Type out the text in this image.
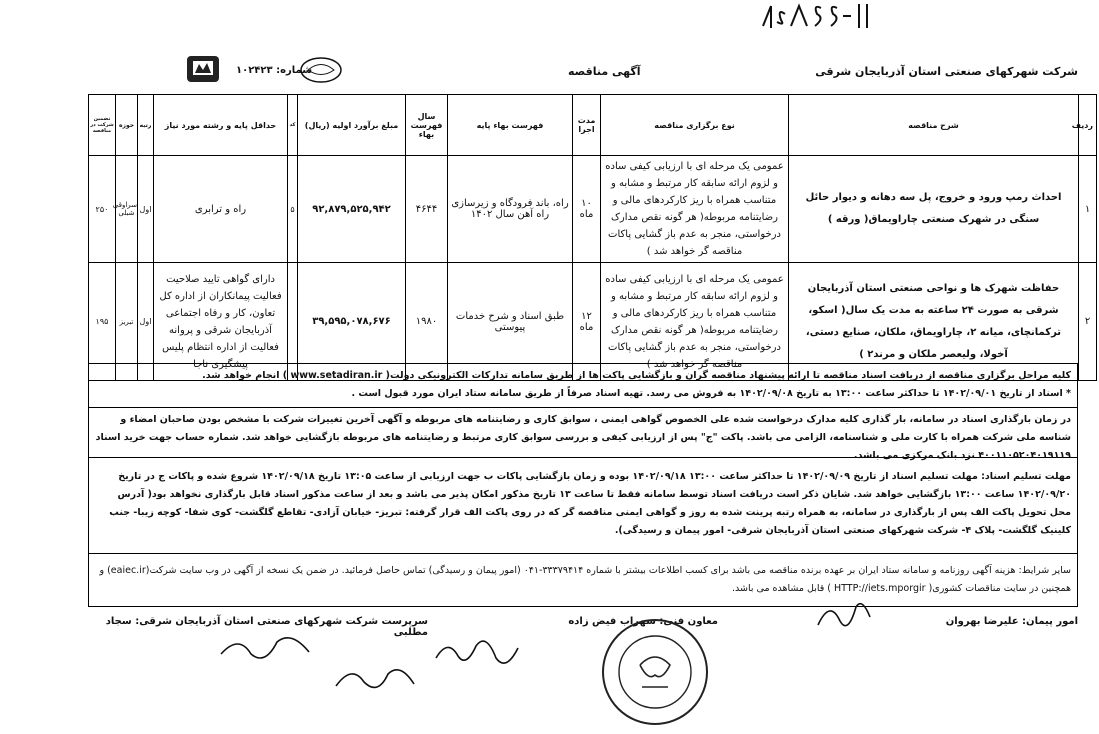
شرکت شهرکهای صنعتی استان آذربایجان شرقی
آگهی مناقصه
شماره: ۱۰۲۴۲۳
ردیف	شرح مناقصه	نوع برگزاری مناقصه	مدت اجرا	فهرست بهاء پایه	سال فهرست بهاء	مبلغ برآورد اولیه (ریال)	کد	حداقل پایه و رشته مورد نیاز	رتبه	حوزه	تضمین شرکت در مناقصه
۱	احداث رمپ ورود و خروج، پل سه دهانه و دیوار حائل سنگی در شهرک صنعتی چاراویماق( ورقه )	عمومی یک مرحله ای با ارزیابی کیفی ساده و لزوم ارائه سابقه کار مرتبط و مشابه و متناسب همراه با ریز کارکردهای مالی و رضایتنامه مربوطه( هر گونه نقص مدارک درخواستی، منجر به عدم باز گشایی پاکات مناقصه گر خواهد شد )	۱۰ ماه	راه، باند فرودگاه و زیرسازی راه آهن سال ۱۴۰۲	۴۶۴۴	۹۲,۸۷۹,۵۲۵,۹۴۲	۵	راه و ترابری	اول	سراوقی شبلی	۲۵۰
۲	حفاظت شهرک ها و نواحی صنعتی استان آذربایجان شرقی به صورت ۲۴ ساعته به مدت یک سال( اسکو، ترکمانچای، میانه ۲، چاراویماق، ملکان، صنایع دستی، آخولا، ولیعصر ملکان و مرند۲ )	عمومی یک مرحله ای با ارزیابی کیفی ساده و لزوم ارائه سابقه کار مرتبط و مشابه و متناسب همراه با ریز کارکردهای مالی و رضایتنامه مربوطه( هر گونه نقص مدارک درخواستی، منجر به عدم باز گشایی پاکات مناقصه گر خواهد شد )	۱۲ ماه	طبق اسناد و شرح خدمات پیوستی	۱۹۸۰	۳۹,۵۹۵,۰۷۸,۶۷۶		دارای گواهی تایید صلاحیت فعالیت پیمانکاران از اداره کل تعاون، کار و رفاه اجتماعی آذربایجان شرقی و پروانه فعالیت از اداره انتظام پلیس پیشگیری ناجا	اول	تبریز	۱۹۵
کلیه مراحل برگزاری مناقصه از دریافت اسناد مناقصه تا ارائه پیشنهاد مناقصه گران و بازگشایی پاکت ها از طریق سامانه تدارکات الکترونیکی دولت( www.setadiran.ir ) انجام خواهد شد.
* اسناد از تاریخ ۱۴۰۲/۰۹/۰۱ تا حداکثر ساعت ۱۳:۰۰ به تاریخ ۱۴۰۲/۰۹/۰۸ به فروش می رسد. تهیه اسناد صرفاً از طریق سامانه ستاد ایران مورد قبول است .
در زمان بارگذاری اسناد در سامانه، بار گذاری کلیه مدارک درخواست شده علی الخصوص گواهی ایمنی ، سوابق کاری و رضایتنامه های مربوطه و آگهی آخرین تغییرات شرکت با مشخص بودن صاحبان امضاء و شناسه ملی شرکت همراه با کارت ملی و شناسنامه، الزامی می باشد. پاکت "ج" پس از ارزیابی کیفی و بررسی سوابق کاری مرتبط و رضایتنامه های مربوطه بازگشایی خواهد شد. شماره حساب جهت خرید اسناد ۴۰۰۱۱۰۵۲۰۴۰۱۹۱۱۹ نزد بانک مرکزی می باشد.
مهلت تسلیم اسناد: مهلت تسلیم اسناد از تاریخ ۱۴۰۲/۰۹/۰۹ تا حداکثر ساعت ۱۳:۰۰ ۱۴۰۲/۰۹/۱۸ بوده و زمان بازگشایی پاکات ب جهت ارزیابی از ساعت ۱۳:۰۵ تاریخ ۱۴۰۲/۰۹/۱۸ شروع شده و پاکات ج در تاریخ ۱۴۰۲/۰۹/۲۰ ساعت ۱۳:۰۰ بازگشایی خواهد شد. شایان ذکر است دریافت اسناد توسط سامانه فقط تا ساعت ۱۳ تاریخ مذکور امکان پذیر می باشد و بعد از ساعت مذکور اسناد قابل بارگذاری نخواهد بود( آدرس محل تحویل پاکت الف پس از بارگذاری در سامانه، به همراه رتبه پرینت شده به روز و گواهی ایمنی مناقصه گر که در روی پاکت الف قرار گرفته: تبریز- خیابان آزادی- تقاطع گلگشت- کوی شفا- کوچه زیبا- جنب کلینیک گلگشت- پلاک ۴- شرکت شهرکهای صنعتی استان آذربایجان شرقی- امور پیمان و رسیدگی).
سایر شرایط: هزینه آگهی روزنامه و سامانه ستاد ایران بر عهده برنده مناقصه می باشد برای کسب اطلاعات بیشتر با شماره ۳۳۳۷۹۴۱۴-۰۴۱ (امور پیمان و رسیدگی) تماس حاصل فرمائید. در ضمن یک نسخه از آگهی در وب سایت شرکت(eaiec.ir) و همچنین در سایت مناقصات کشوری( HTTP://iets.mporgir ) قابل مشاهده می باشد.
امور پیمان: علیرضا بهروان
معاون فنی: سهراب فیض زاده
سرپرست شرکت شهرکهای صنعتی استان آذربایجان شرقی: سجاد مطلبی
